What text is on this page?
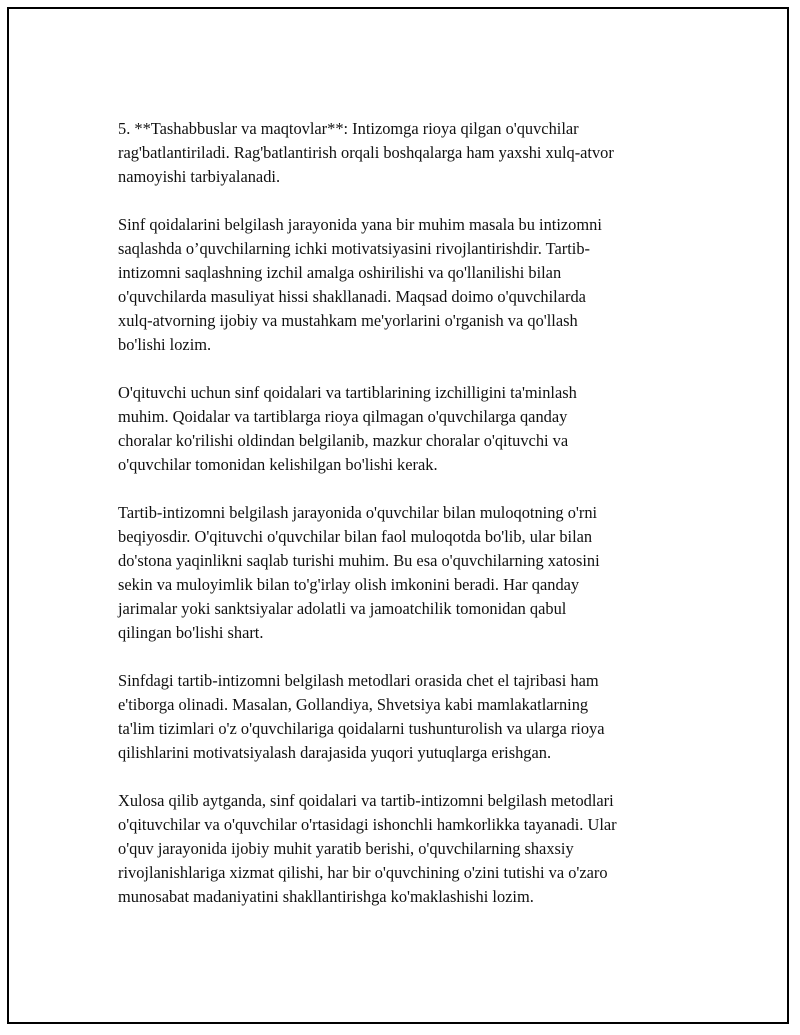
5. **Tashabbuslar va maqtovlar**: Intizomga rioya qilgan o'quvchilar
rag'batlantiriladi. Rag'batlantirish orqali boshqalarga ham yaxshi xulq-atvor
namoyishi tarbiyalanadi.

Sinf qoidalarini belgilash jarayonida yana bir muhim masala bu intizomni
saqlashda o’quvchilarning ichki motivatsiyasini rivojlantirishdir. Tartib-
intizomni saqlashning izchil amalga oshirilishi va qo'llanilishi bilan
o'quvchilarda masuliyat hissi shakllanadi. Maqsad doimo o'quvchilarda
xulq-atvorning ijobiy va mustahkam me'yorlarini o'rganish va qo'llash
bo'lishi lozim.

O'qituvchi uchun sinf qoidalari va tartiblarining izchilligini ta'minlash
muhim. Qoidalar va tartiblarga rioya qilmagan o'quvchilarga qanday
choralar ko'rilishi oldindan belgilanib, mazkur choralar o'qituvchi va
o'quvchilar tomonidan kelishilgan bo'lishi kerak.

Tartib-intizomni belgilash jarayonida o'quvchilar bilan muloqotning o'rni
beqiyosdir. O'qituvchi o'quvchilar bilan faol muloqotda bo'lib, ular bilan
do'stona yaqinlikni saqlab turishi muhim. Bu esa o'quvchilarning xatosini
sekin va muloyimlik bilan to'g'irlay olish imkonini beradi. Har qanday
jarimalar yoki sanktsiyalar adolatli va jamoatchilik tomonidan qabul
qilingan bo'lishi shart.

Sinfdagi tartib-intizomni belgilash metodlari orasida chet el tajribasi ham
e'tiborga olinadi. Masalan, Gollandiya, Shvetsiya kabi mamlakatlarning
ta'lim tizimlari o'z o'quvchilariga qoidalarni tushunturolish va ularga rioya
qilishlarini motivatsiyalash darajasida yuqori yutuqlarga erishgan.

Xulosa qilib aytganda, sinf qoidalari va tartib-intizomni belgilash metodlari
o'qituvchilar va o'quvchilar o'rtasidagi ishonchli hamkorlikka tayanadi. Ular
o'quv jarayonida ijobiy muhit yaratib berishi, o'quvchilarning shaxsiy
rivojlanishlariga xizmat qilishi, har bir o'quvchining o'zini tutishi va o'zaro
munosabat madaniyatini shakllantirishga ko'maklashishi lozim.
